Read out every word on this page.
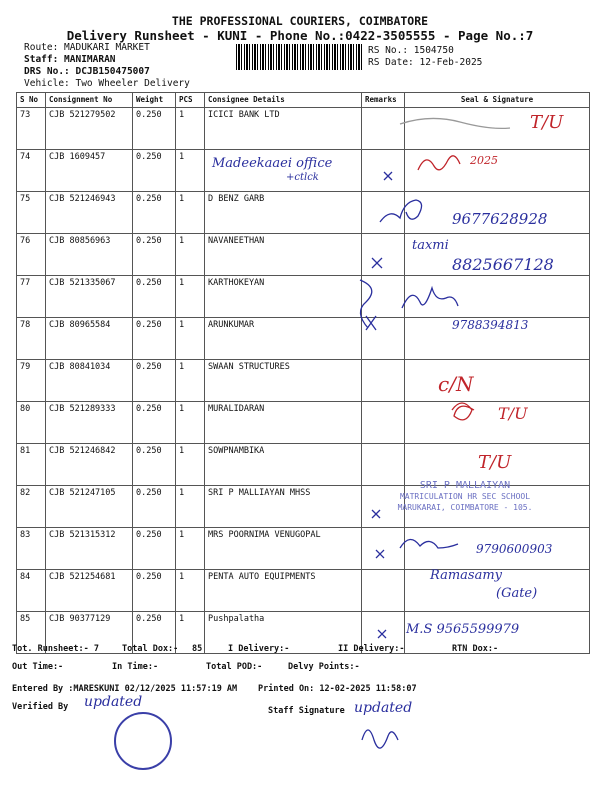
THE PROFESSIONAL COURIERS, COIMBATORE
Delivery Runsheet - KUNI - Phone No.:0422-3505555 - Page No.:7
Route: MADUKARI MARKET
Staff: MANIMARAN
DRS No.: DCJB150475007
Vehicle: Two Wheeler Delivery
RS No.: 1504750
RS Date: 12-Feb-2025
S No	Consignment No	Weight	PCS	Consignee Details	Remarks	Seal & Signature
73	CJB 521279502	0.250	1	ICICI BANK LTD		
74	CJB 1609457	0.250	1			
75	CJB 521246943	0.250	1	D BENZ GARB		
76	CJB 80856963	0.250	1	NAVANEETHAN		
77	CJB 521335067	0.250	1	KARTHOKEYAN		
78	CJB 80965584	0.250	1	ARUNKUMAR		
79	CJB 80841034	0.250	1	SWAAN STRUCTURES		
80	CJB 521289333	0.250	1	MURALIDARAN		
81	CJB 521246842	0.250	1	SOWPNAMBIKA		
82	CJB 521247105	0.250	1	SRI P MALLIAYAN MHSS		
83	CJB 521315312	0.250	1	MRS POORNIMA VENUGOPAL		
84	CJB 521254681	0.250	1	PENTA AUTO EQUIPMENTS		
85	CJB 90377129	0.250	1	Pushpalatha		
T/U
Madeekaaei office
+ctlck
2025
9677628928
taxmi
8825667128
9788394813
c/N
T/U
T/U
9790600903
Ramasamy
(Gate)
M.S 9565599979
SRI P MALLAIYAN
MATRICULATION HR SEC SCHOOL
MARUKARAI, COIMBATORE - 105.
Tot. Runsheet:- 7	Total Dox:- 85	I Delivery:-	II Delivery:-	RTN Dox:-
Out Time:-	In Time:-	Total POD:-	Delvy Points:-
Entered By :MARESKUNI 02/12/2025 11:57:19 AM Printed On: 12-02-2025 11:58:07
Verified By updated
Staff Signature updated
